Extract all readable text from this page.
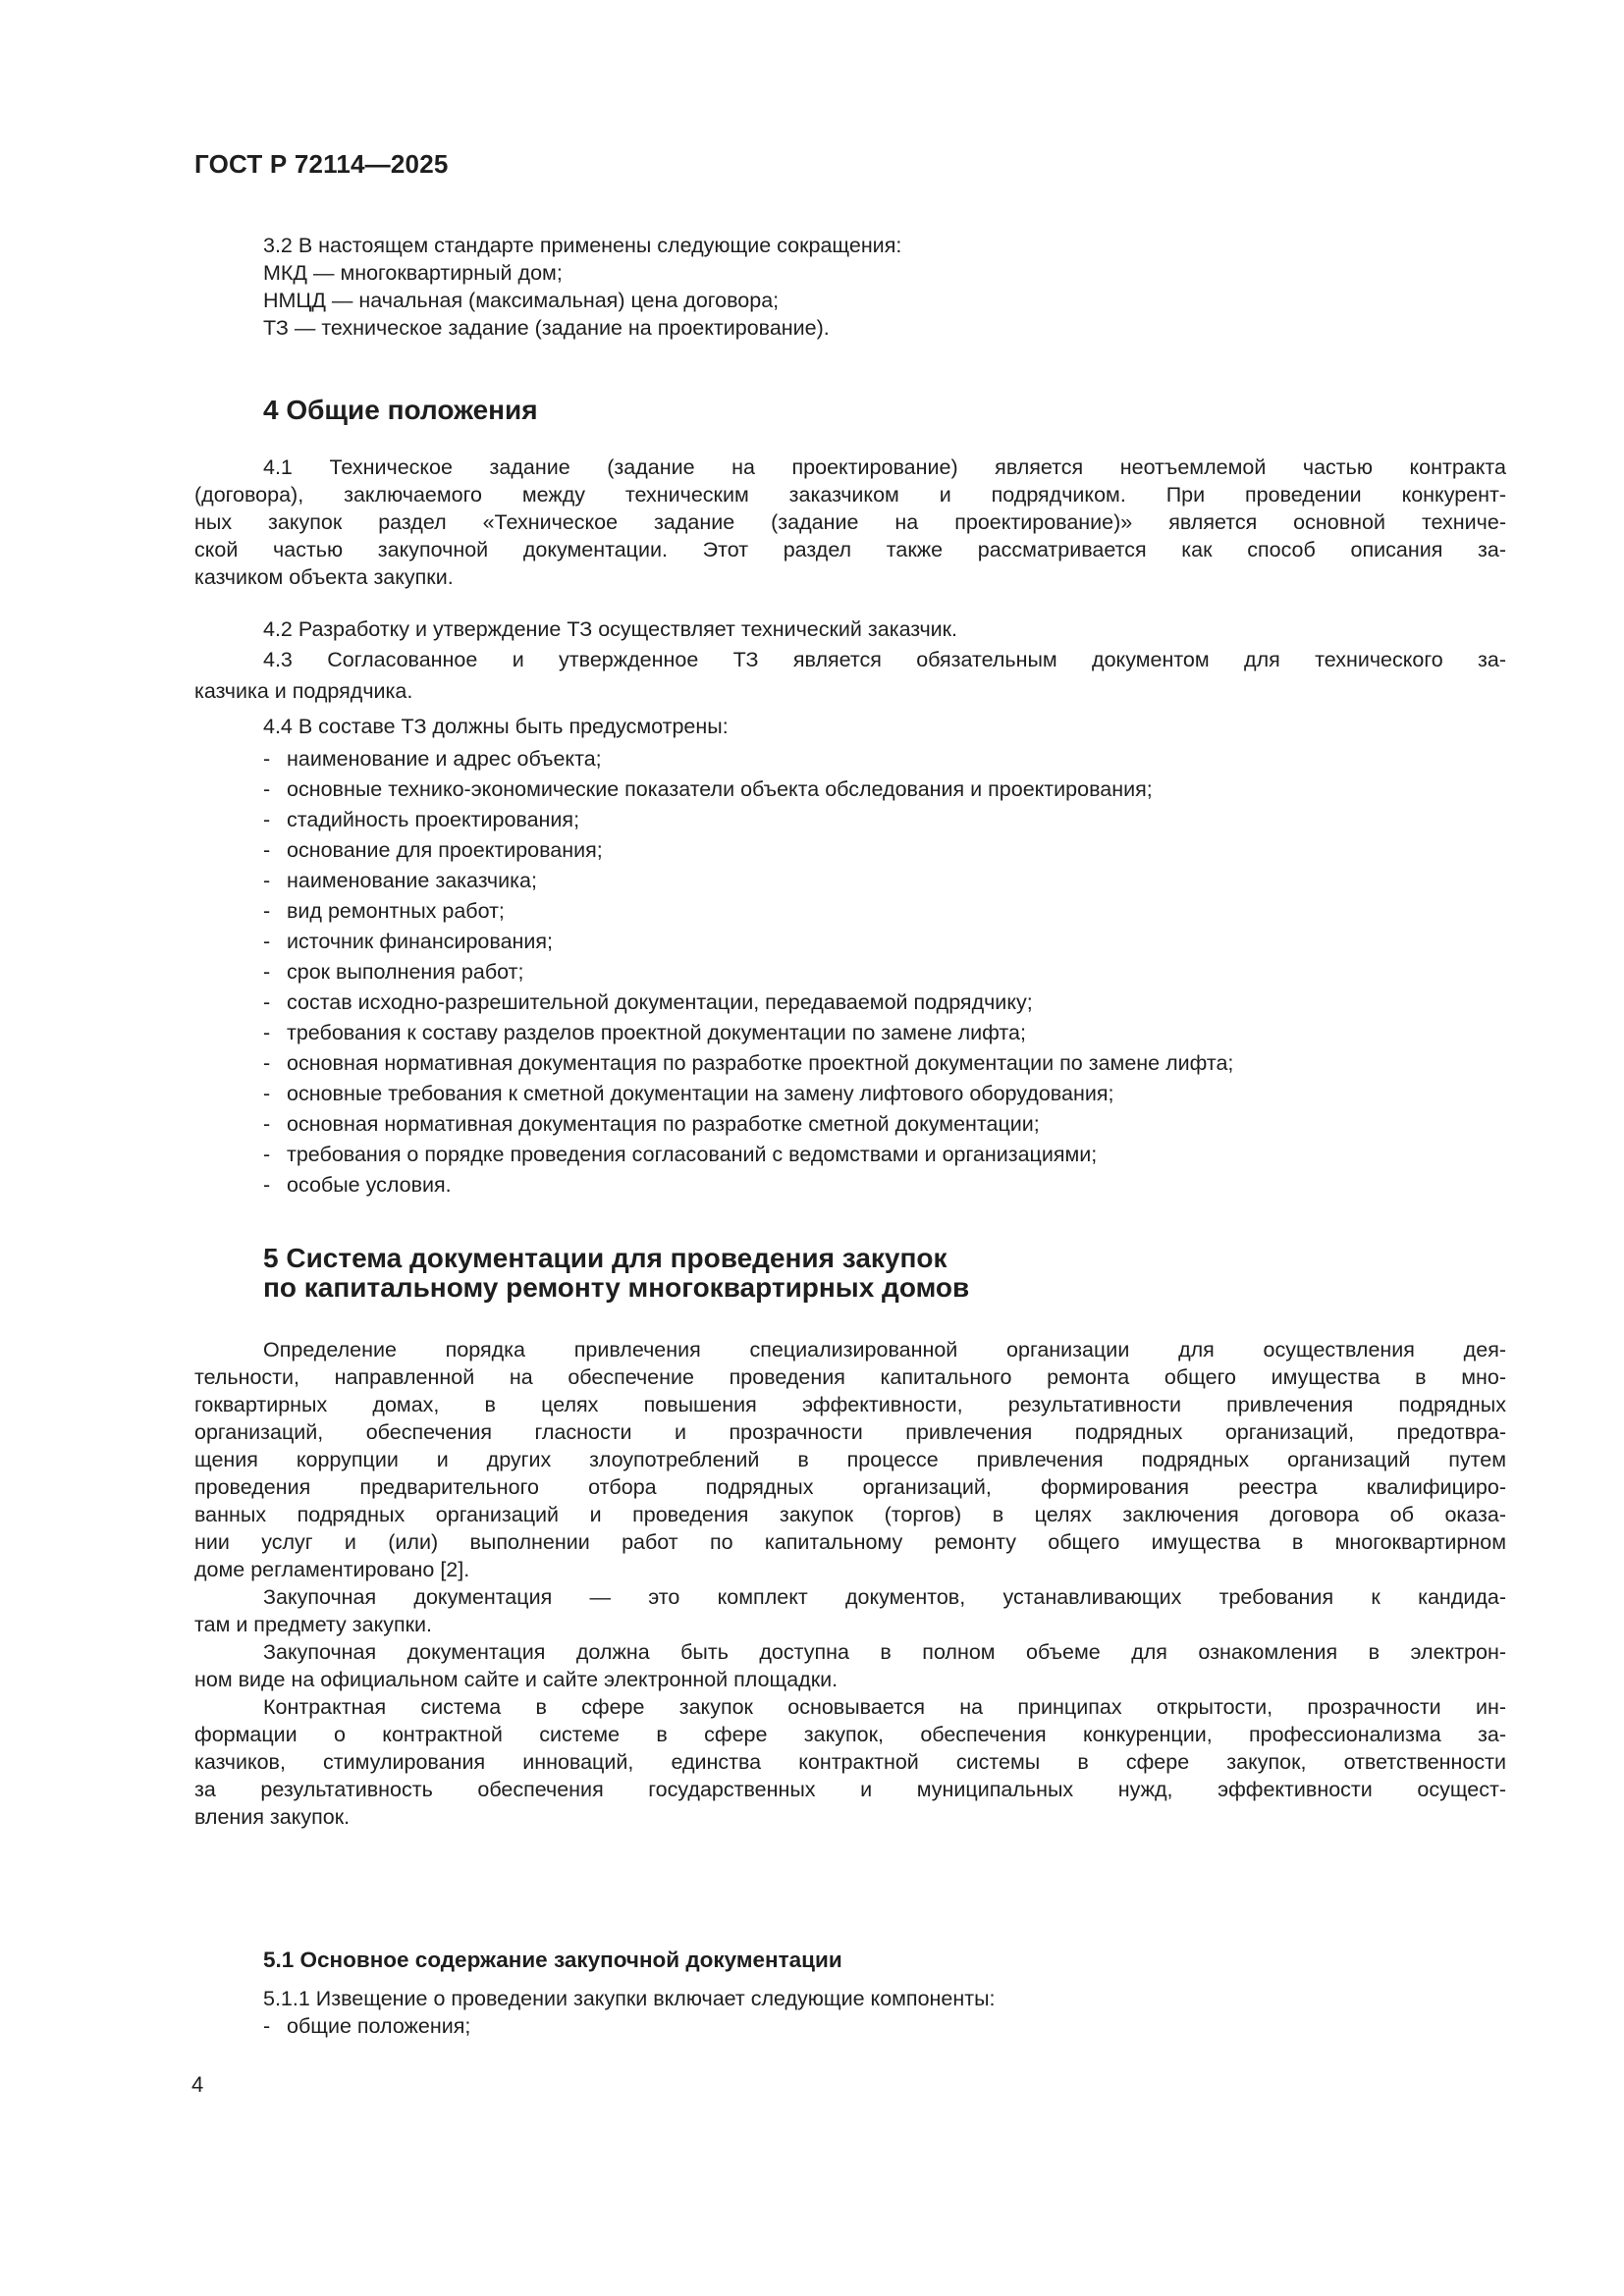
ГОСТ Р 72114—2025
3.2 В настоящем стандарте применены следующие сокращения:
МКД — многоквартирный дом;
НМЦД — начальная (максимальная) цена договора;
ТЗ — техническое задание (задание на проектирование).
4 Общие положения
4.1 Техническое задание (задание на проектирование) является неотъемлемой частью контракта
(договора), заключаемого между техническим заказчиком и подрядчиком. При проведении конкурент-
ных закупок раздел «Техническое задание (задание на проектирование)» является основной техниче-
ской частью закупочной документации. Этот раздел также рассматривается как способ описания за-
казчиком объекта закупки.
4.2 Разработку и утверждение ТЗ осуществляет технический заказчик.
4.3 Согласованное и утвержденное ТЗ является обязательным документом для технического за-
казчика и подрядчика.
4.4 В составе ТЗ должны быть предусмотрены:
- наименование и адрес объекта;
- основные технико-экономические показатели объекта обследования и проектирования;
- стадийность проектирования;
- основание для проектирования;
- наименование заказчика;
- вид ремонтных работ;
- источник финансирования;
- срок выполнения работ;
- состав исходно-разрешительной документации, передаваемой подрядчику;
- требования к составу разделов проектной документации по замене лифта;
- основная нормативная документация по разработке проектной документации по замене лифта;
- основные требования к сметной документации на замену лифтового оборудования;
- основная нормативная документация по разработке сметной документации;
- требования о порядке проведения согласований с ведомствами и организациями;
- особые условия.
5 Система документации для проведения закупок
по капитальному ремонту многоквартирных домов
Определение порядка привлечения специализированной организации для осуществления дея-
тельности, направленной на обеспечение проведения капитального ремонта общего имущества в мно-
гоквартирных домах, в целях повышения эффективности, результативности привлечения подрядных
организаций, обеспечения гласности и прозрачности привлечения подрядных организаций, предотвра-
щения коррупции и других злоупотреблений в процессе привлечения подрядных организаций путем
проведения предварительного отбора подрядных организаций, формирования реестра квалифициро-
ванных подрядных организаций и проведения закупок (торгов) в целях заключения договора об оказа-
нии услуг и (или) выполнении работ по капитальному ремонту общего имущества в многоквартирном
доме регламентировано [2].
Закупочная документация — это комплект документов, устанавливающих требования к кандида-
там и предмету закупки.
Закупочная документация должна быть доступна в полном объеме для ознакомления в электрон-
ном виде на официальном сайте и сайте электронной площадки.
Контрактная система в сфере закупок основывается на принципах открытости, прозрачности ин-
формации о контрактной системе в сфере закупок, обеспечения конкуренции, профессионализма за-
казчиков, стимулирования инноваций, единства контрактной системы в сфере закупок, ответственности
за результативность обеспечения государственных и муниципальных нужд, эффективности осущест-
вления закупок.
5.1 Основное содержание закупочной документации
5.1.1 Извещение о проведении закупки включает следующие компоненты:
- общие положения;
4
